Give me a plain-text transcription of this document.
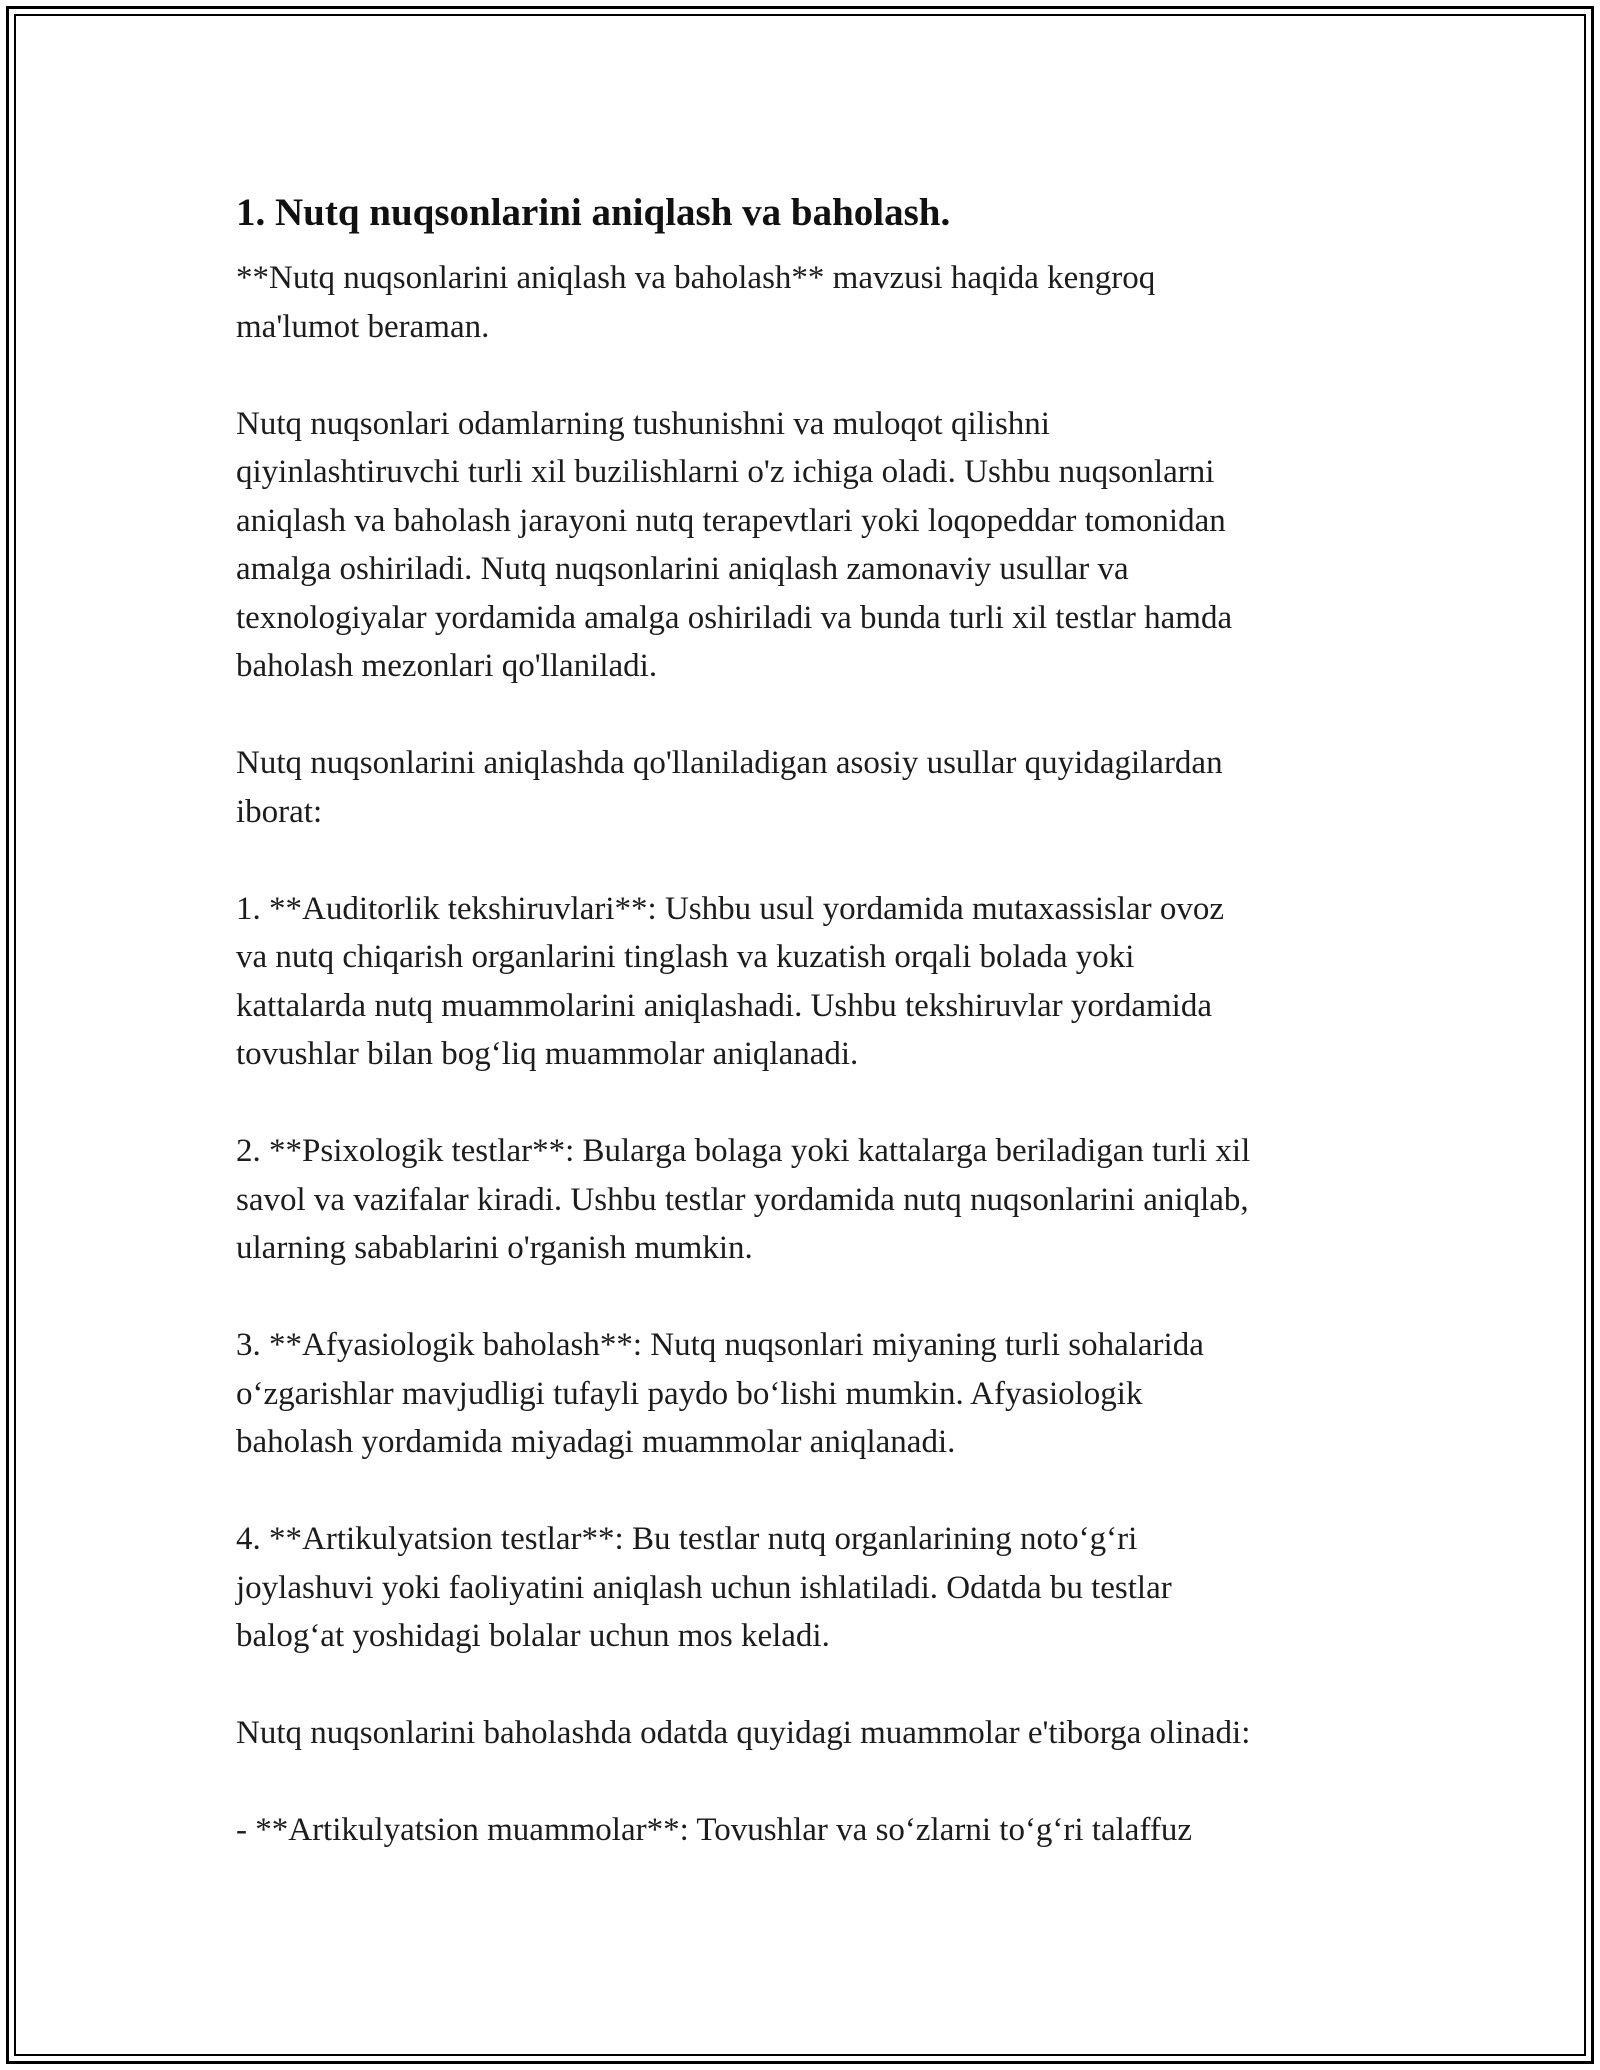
1. Nutq nuqsonlarini aniqlash va baholash.

**Nutq nuqsonlarini aniqlash va baholash** mavzusi haqida kengroq
ma'lumot beraman.

Nutq nuqsonlari odamlarning tushunishni va muloqot qilishni
qiyinlashtiruvchi turli xil buzilishlarni o'z ichiga oladi. Ushbu nuqsonlarni
aniqlash va baholash jarayoni nutq terapevtlari yoki loqopeddar tomonidan
amalga oshiriladi. Nutq nuqsonlarini aniqlash zamonaviy usullar va
texnologiyalar yordamida amalga oshiriladi va bunda turli xil testlar hamda
baholash mezonlari qo'llaniladi.

Nutq nuqsonlarini aniqlashda qo'llaniladigan asosiy usullar quyidagilardan
iborat:

1. **Auditorlik tekshiruvlari**: Ushbu usul yordamida mutaxassislar ovoz
va nutq chiqarish organlarini tinglash va kuzatish orqali bolada yoki
kattalarda nutq muammolarini aniqlashadi. Ushbu tekshiruvlar yordamida
tovushlar bilan bog‘liq muammolar aniqlanadi.

2. **Psixologik testlar**: Bularga bolaga yoki kattalarga beriladigan turli xil
savol va vazifalar kiradi. Ushbu testlar yordamida nutq nuqsonlarini aniqlab,
ularning sabablarini o'rganish mumkin.

3. **Afyasiologik baholash**: Nutq nuqsonlari miyaning turli sohalarida
o‘zgarishlar mavjudligi tufayli paydo bo‘lishi mumkin. Afyasiologik
baholash yordamida miyadagi muammolar aniqlanadi.

4. **Artikulyatsion testlar**: Bu testlar nutq organlarining noto‘g‘ri
joylashuvi yoki faoliyatini aniqlash uchun ishlatiladi. Odatda bu testlar
balog‘at yoshidagi bolalar uchun mos keladi.

Nutq nuqsonlarini baholashda odatda quyidagi muammolar e'tiborga olinadi:

- **Artikulyatsion muammolar**: Tovushlar va so‘zlarni to‘g‘ri talaffuz
